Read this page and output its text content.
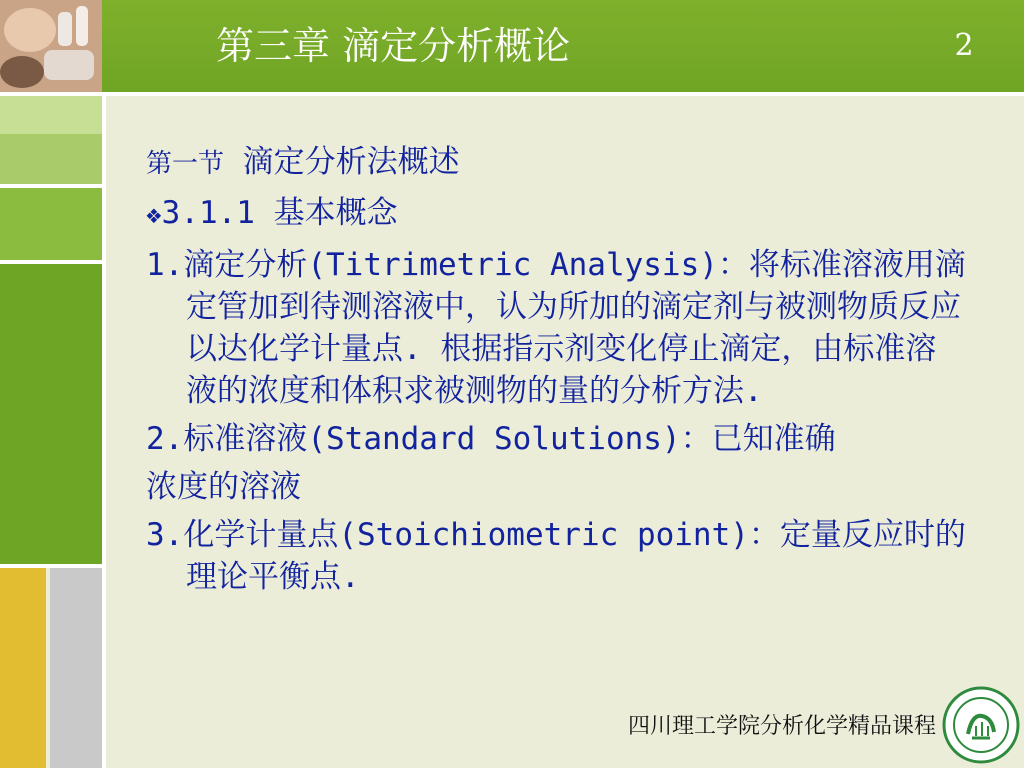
第三章 滴定分析概论	2
第一节 滴定分析法概述
❖3.1.1 基本概念
1.滴定分析(Titrimetric Analysis)：将标准溶液用滴定管加到待测溶液中，认为所加的滴定剂与被测物质反应以达化学计量点. 根据指示剂变化停止滴定，由标准溶液的浓度和体积求被测物的量的分析方法.
2.标准溶液(Standard Solutions)：已知准确
浓度的溶液
3.化学计量点(Stoichiometric point)：定量反应时的理论平衡点.
四川理工学院分析化学精品课程
